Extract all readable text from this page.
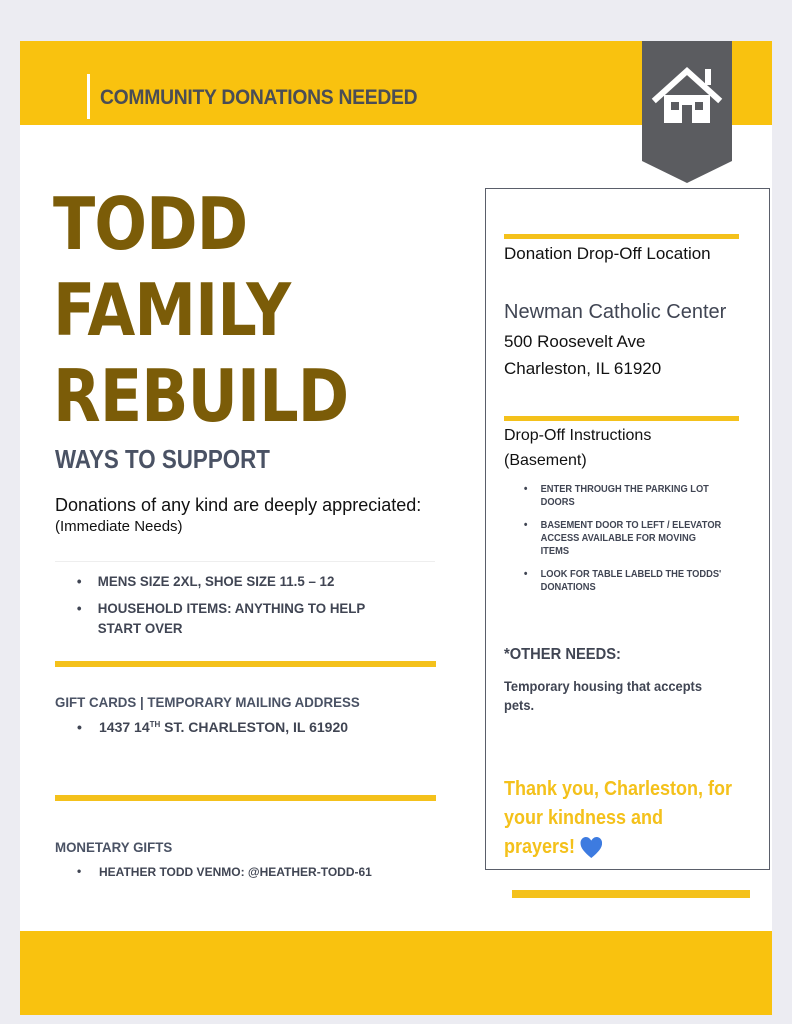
COMMUNITY DONATIONS NEEDED
TODD
FAMILY
REBUILD
WAYS TO SUPPORT
Donations of any kind are deeply appreciated:
(Immediate Needs)
• MENS SIZE 2XL, SHOE SIZE 11.5 – 12
• HOUSEHOLD ITEMS: ANYTHING TO HELP START OVER
GIFT CARDS | TEMPORARY MAILING ADDRESS
• 1437 14TH ST. CHARLESTON, IL 61920
MONETARY GIFTS
• HEATHER TODD VENMO: @HEATHER-TODD-61
Donation Drop-Off Location
Newman Catholic Center
500 Roosevelt Ave
Charleston, IL 61920
Drop-Off Instructions
(Basement)
• ENTER THROUGH THE PARKING LOT DOORS
• BASEMENT DOOR TO LEFT / ELEVATOR ACCESS AVAILABLE FOR MOVING ITEMS
• LOOK FOR TABLE LABELD THE TODDS' DONATIONS
*OTHER NEEDS:
Temporary housing that accepts pets.
Thank you, Charleston, for your kindness and prayers!
